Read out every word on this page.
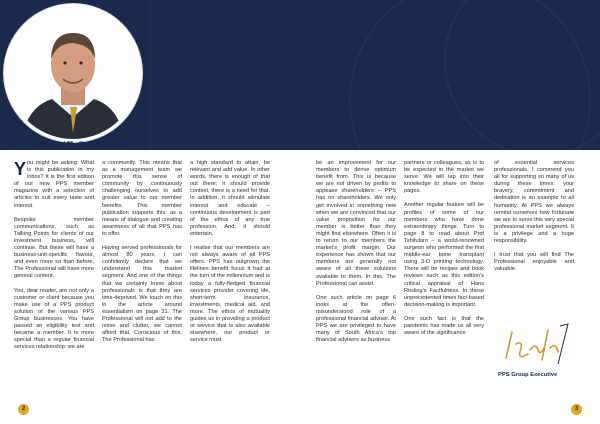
FROM THE CEO’S DESK

You might be asking: What is this publication in my inbox? It is the first edition of our new PPS member magazine with a selection of articles to suit every taste and interest.

Bespoke member communications, such as Talking Points for clients of our investment business, will continue. But these will have a business-unit-specific flavour, and even more so than before, The Professional will have more general content.

You, dear reader, are not only a customer or client because you make use of a PPS product solution of the various PPS Group businesses. You have passed an eligibility test and became a member. It is more special than a regular financial services relationship: we are

a community. This means that as a management team we promote this sense of community by continuously challenging ourselves to add greater value to our member benefits. This member publication supports this: as a means of dialogue and creating awareness of all that PPS has to offer.

Having served professionals for almost 80 years, I can confidently declare that we understand this market segment. And one of the things that we certainly know about professionals is that they are time-deprived. We touch on this in the article around essentialism on page 31. The Professional will not add to the noise and clutter, we cannot afford that. Conscious of this, The Professional has

a high standard to attain, be relevant and add value. In other words, there is enough of that out there; it should provide context, there is a need for that. In addition, it should stimulate interest and educate – continuous development is part of the ethos of any true profession. And, it should entertain.

I realise that our members are not always aware of all PPS offers. PPS has outgrown the lifelines benefit focus it had at the turn of the millennium and is today a fully-fledged financial services provider covering life, short-term insurance, investments, medical aid, and more. The ethos of mutuality guides us in providing a product or service that is also available elsewhere, our product or service must

be an improvement for our members to derive optimum benefit from. This is because we are not driven by profits to appease shareholders – PPS has no shareholders. We only get involved in something new when we are convinced that our value proposition for our member is better than they might find elsewhere. Often it is to return to our members the market’s profit margin. Our experience has shown that our members are generally not aware of all these solutions available to them. In this, The Professional can assist.

One such article on page 6 looks at the often-misunderstood role of a professional financial adviser. At PPS we are privileged to have many of South Africa’s top financial advisers as business

partners or colleagues, as is to be expected in the market we serve. We will tap into their knowledge to share on these pages.

Another regular feature will be profiles of some of our members who have done extraordinary things. Turn to page 8 to read about Prof Tshifularo – a world-renowned surgeon who performed the first middle-ear bone transplant using 3-D printing technology. There will be recipes and book reviews such as this edition’s critical appraisal of Hans Rosling’s Factfulness. In these unprecedented times fact-based decision-making is important.

One such fact is that the pandemic has made us all very aware of the significance

of essential services professionals. I commend you all for supporting so many of us during these times: your bravery, commitment and dedication is an example to all humanity. At PPS we always remind ourselves how fortunate we are to serve this very special professional market segment. It is a privilege and a huge responsibility.

I trust that you will find The Professional enjoyable and valuable.

Izak
PPS Group Executive
2	3
